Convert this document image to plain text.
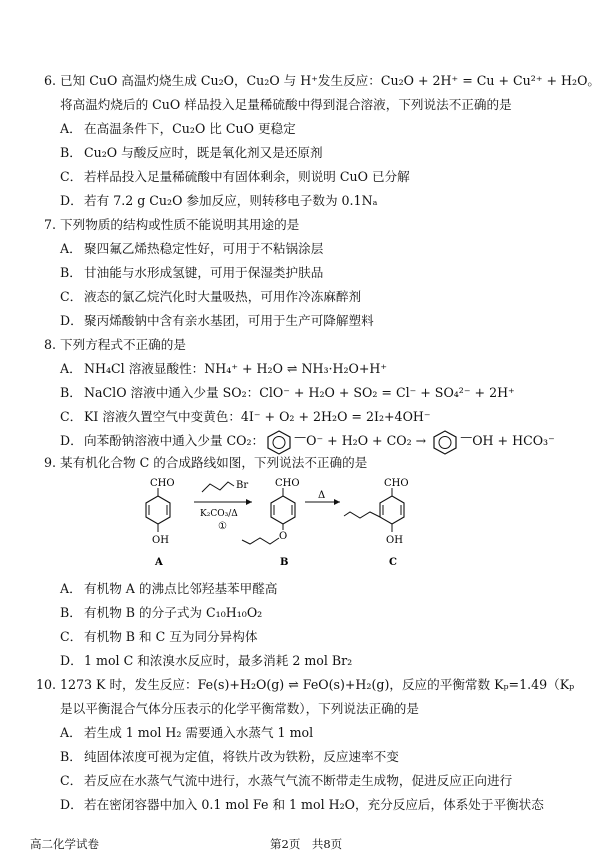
6. 已知 CuO 高温灼烧生成 Cu₂O，Cu₂O 与 H⁺发生反应：Cu₂O + 2H⁺ = Cu + Cu²⁺ + H₂O。
将高温灼烧后的 CuO 样品投入足量稀硫酸中得到混合溶液，下列说法不正确的是
A． 在高温条件下，Cu₂O 比 CuO 更稳定
B． Cu₂O 与酸反应时，既是氧化剂又是还原剂
C． 若样品投入足量稀硫酸中有固体剩余，则说明 CuO 已分解
D．若有 7.2 g Cu₂O 参加反应，则转移电子数为 0.1Nₐ
7. 下列物质的结构或性质不能说明其用途的是
A． 聚四氟乙烯热稳定性好，可用于不粘锅涂层
B． 甘油能与水形成氢键，可用于保湿类护肤品
C． 液态的氯乙烷汽化时大量吸热，可用作冷冻麻醉剂
D．聚丙烯酸钠中含有亲水基团，可用于生产可降解塑料
8. 下列方程式不正确的是
A． NH₄Cl 溶液显酸性：NH₄⁺ + H₂O ⇌ NH₃·H₂O+H⁺
B． NaClO 溶液中通入少量 SO₂：ClO⁻ + H₂O + SO₂ = Cl⁻ + SO₄²⁻ + 2H⁺
C． KI 溶液久置空气中变黄色：4I⁻ + O₂ + 2H₂O = 2I₂+4OH⁻
D．向苯酚钠溶液中通入少量 CO₂：	—O⁻ + H₂O + CO₂ →	—OH + HCO₃⁻
9. 某有机化合物 C 的合成路线如图，下列说法不正确的是
CHO
OH
A
Br
K₂CO₃/Δ
①
CHO
O
B
Δ
CHO
OH
C
A． 有机物 A 的沸点比邻羟基苯甲醛高
B． 有机物 B 的分子式为 C₁₀H₁₀O₂
C． 有机物 B 和 C 互为同分异构体
D．1 mol C 和浓溴水反应时，最多消耗 2 mol Br₂
10. 1273 K 时，发生反应：Fe(s)+H₂O(g) ⇌ FeO(s)+H₂(g)，反应的平衡常数 Kₚ=1.49（Kₚ
是以平衡混合气体分压表示的化学平衡常数），下列说法正确的是
A． 若生成 1 mol H₂ 需要通入水蒸气 1 mol
B． 纯固体浓度可视为定值，将铁片改为铁粉，反应速率不变
C． 若反应在水蒸气气流中进行，水蒸气气流不断带走生成物，促进反应正向进行
D．若在密闭容器中加入 0.1 mol Fe 和 1 mol H₂O，充分反应后，体系处于平衡状态
高二化学试卷	第2页　共8页
